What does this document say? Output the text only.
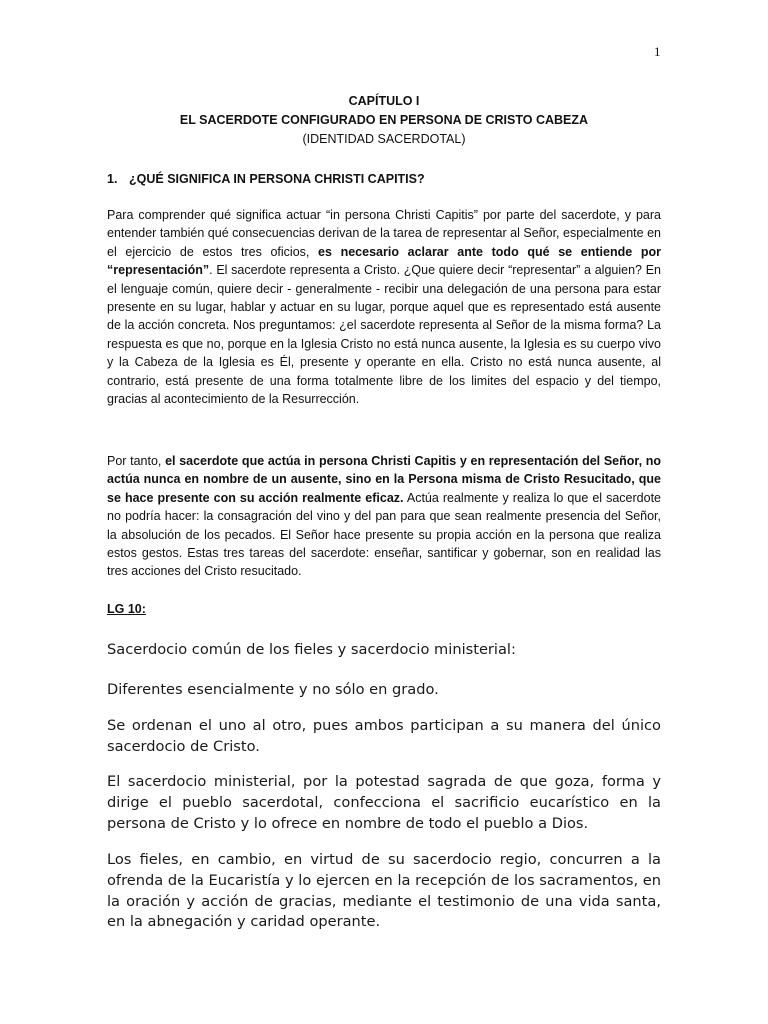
1
CAPÍTULO I
EL SACERDOTE CONFIGURADO EN PERSONA DE CRISTO CABEZA
(IDENTIDAD SACERDOTAL)
1. ¿QUÉ SIGNIFICA IN PERSONA CHRISTI CAPITIS?

Para comprender qué significa actuar “in persona Christi Capitis” por parte del sacerdote, y para entender también qué consecuencias derivan de la tarea de representar al Señor, especialmente en el ejercicio de estos tres oficios, es necesario aclarar ante todo qué se entiende por “representación”. El sacerdote representa a Cristo. ¿Que quiere decir “representar” a alguien? En el lenguaje común, quiere decir - generalmente - recibir una delegación de una persona para estar presente en su lugar, hablar y actuar en su lugar, porque aquel que es representado está ausente de la acción concreta. Nos preguntamos: ¿el sacerdote representa al Señor de la misma forma? La respuesta es que no, porque en la Iglesia Cristo no está nunca ausente, la Iglesia es su cuerpo vivo y la Cabeza de la Iglesia es Él, presente y operante en ella. Cristo no está nunca ausente, al contrario, está presente de una forma totalmente libre de los limites del espacio y del tiempo, gracias al acontecimiento de la Resurrección.

Por tanto, el sacerdote que actúa in persona Christi Capitis y en representación del Señor, no actúa nunca en nombre de un ausente, sino en la Persona misma de Cristo Resucitado, que se hace presente con su acción realmente eficaz. Actúa realmente y realiza lo que el sacerdote no podría hacer: la consagración del vino y del pan para que sean realmente presencia del Señor, la absolución de los pecados. El Señor hace presente su propia acción en la persona que realiza estos gestos. Estas tres tareas del sacerdote: enseñar, santificar y gobernar, son en realidad las tres acciones del Cristo resucitado.

LG 10:

Sacerdocio común de los fieles y sacerdocio ministerial:

Diferentes esencialmente y no sólo en grado.

Se ordenan el uno al otro, pues ambos participan a su manera del único sacerdocio de Cristo.

El sacerdocio ministerial, por la potestad sagrada de que goza, forma y dirige el pueblo sacerdotal, confecciona el sacrificio eucarístico en la persona de Cristo y lo ofrece en nombre de todo el pueblo a Dios.

Los fieles, en cambio, en virtud de su sacerdocio regio, concurren a la ofrenda de la Eucaristía y lo ejercen en la recepción de los sacramentos, en la oración y acción de gracias, mediante el testimonio de una vida santa, en la abnegación y caridad operante.
